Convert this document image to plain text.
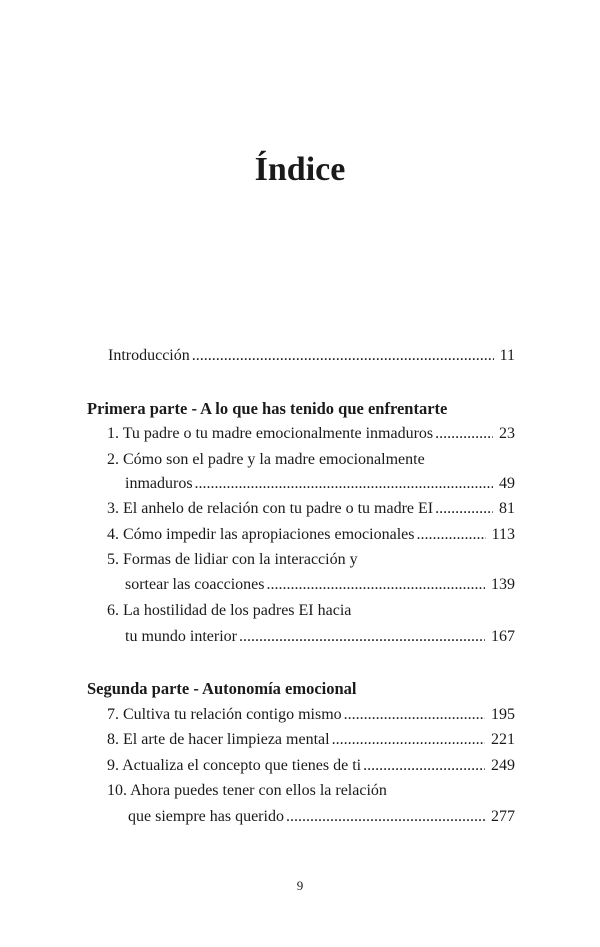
Índice
Introducción .....	11
Primera parte - A lo que has tenido que enfrentarte
1. Tu padre o tu madre emocionalmente inmaduros .....	23
2. Cómo son el padre y la madre emocionalmente
inmaduros .....	49
3. El anhelo de relación con tu padre o tu madre EI .....	81
4. Cómo impedir las apropiaciones emocionales .....	113
5. Formas de lidiar con la interacción y
sortear las coacciones .....	139
6. La hostilidad de los padres EI hacia
tu mundo interior .....	167
Segunda parte - Autonomía emocional
7. Cultiva tu relación contigo mismo .....	195
8. El arte de hacer limpieza mental .....	221
9. Actualiza el concepto que tienes de ti .....	249
10. Ahora puedes tener con ellos la relación
que siempre has querido .....	277
9
